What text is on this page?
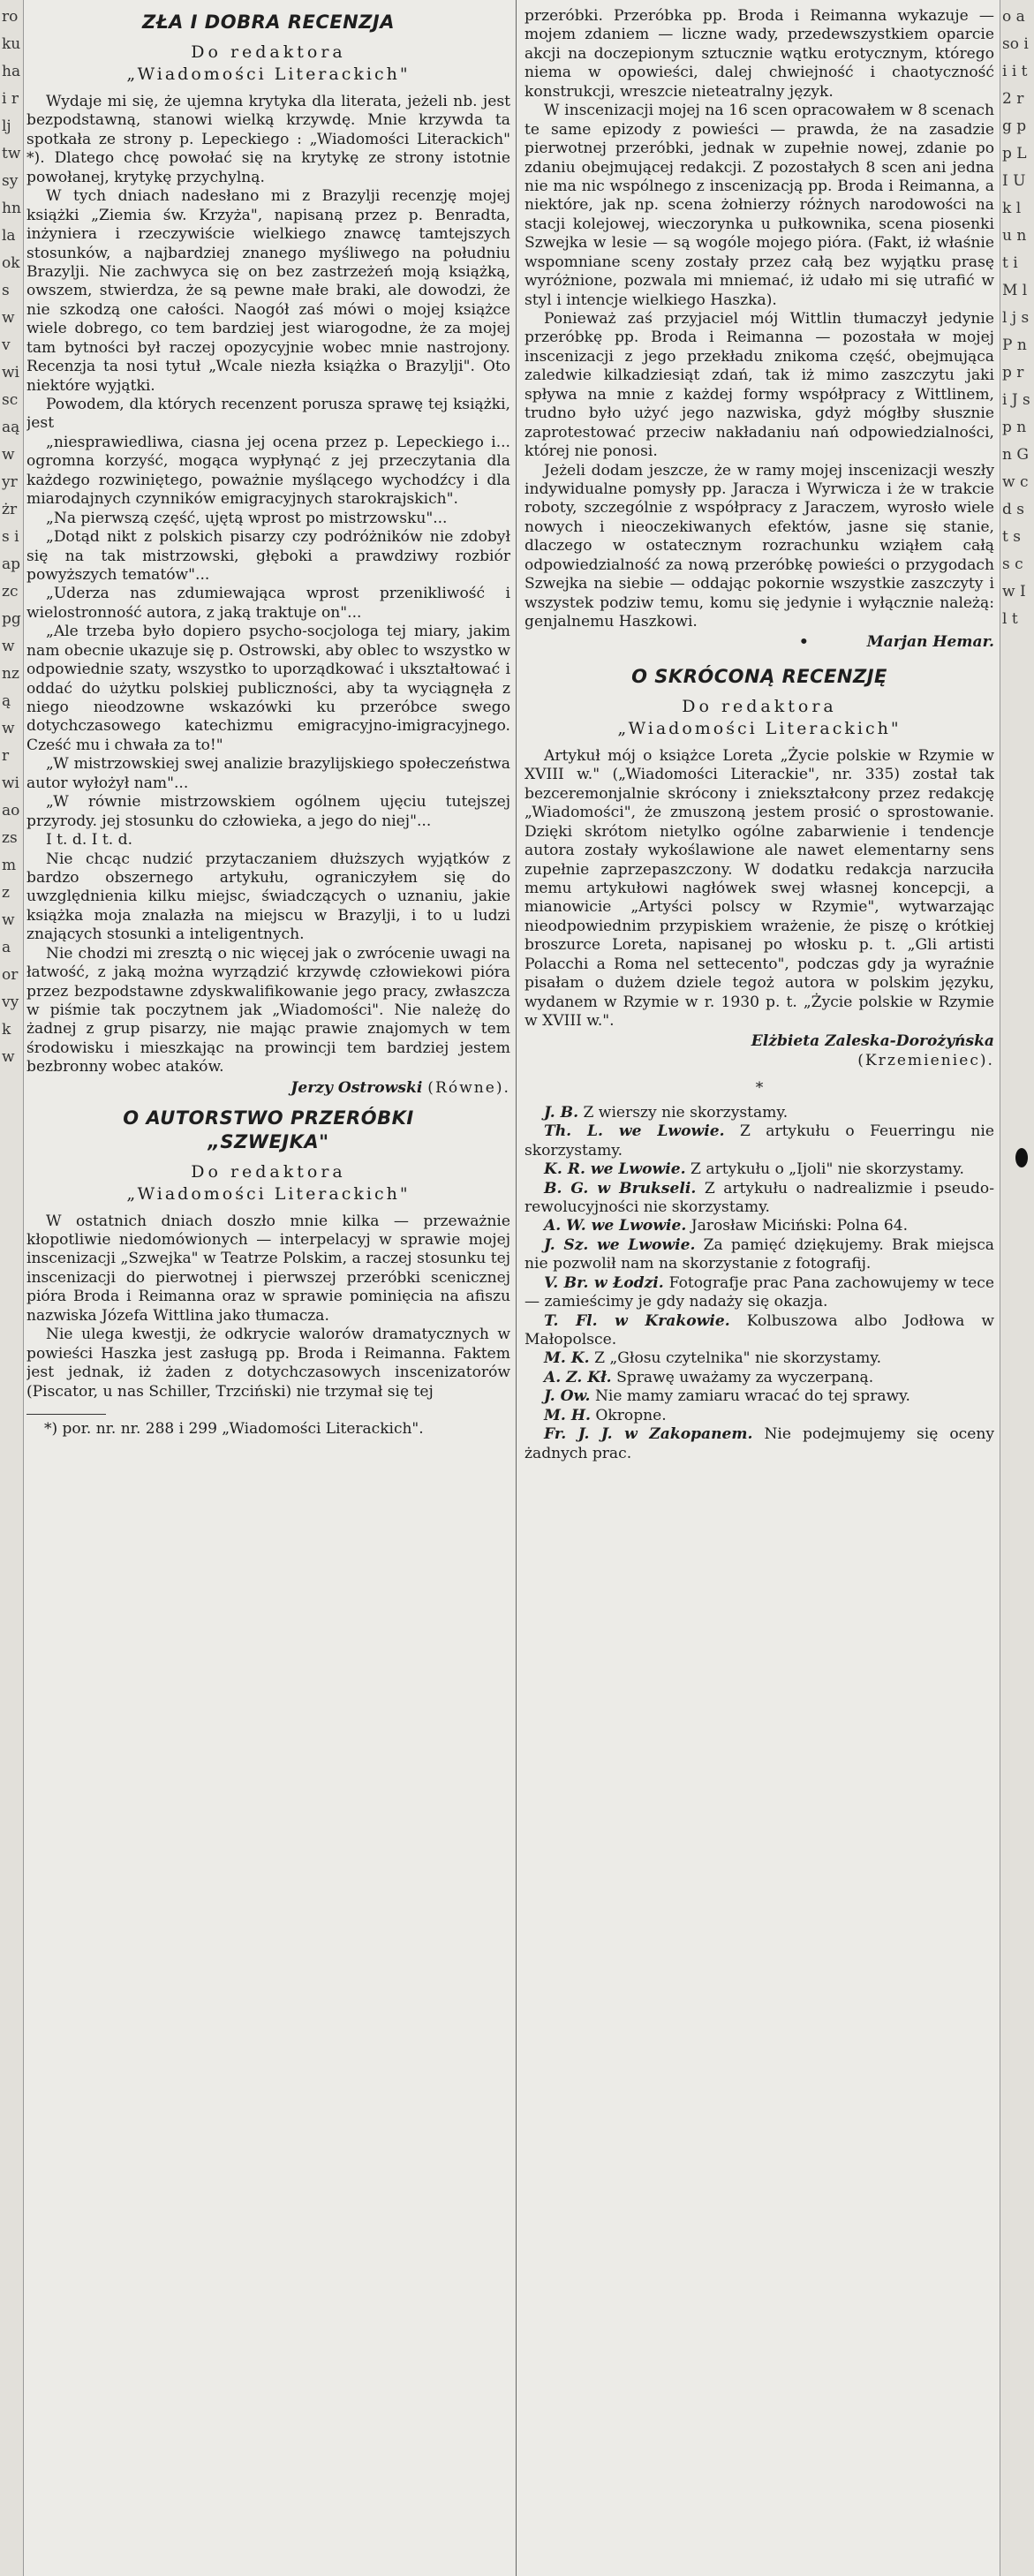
ro kuhai rlj twsyhnlaokswvwiscaąwyrżrs i ap zcpgwnząwrwiaozsmzwa orvyk w
o aso i i i t 2 r g p p L I U k l u n t i M l l j s P n p r i J s p n n G w c d s t s s c w I l t
ZŁA I DOBRA RECENZJA
Do redaktora
„Wiadomości Literackich"

Wydaje mi się, że ujemna krytyka dla literata, jeżeli nb. jest bezpodstawną, stanowi wielką krzywdę. Mnie krzywda ta spotkała ze strony p. Lepeckiego : „Wiadomości Literackich" *). Dlatego chcę powołać się na krytykę ze strony istotnie powołanej, krytykę przychylną.

W tych dniach nadesłano mi z Brazylji recenzję mojej książki „Ziemia św. Krzyża", napisaną przez p. Benradta, inżyniera i rzeczywiście wielkiego znawcę tamtejszych stosunków, a najbardziej znanego myśliwego na południu Brazylji. Nie zachwyca się on bez zastrzeżeń moją książką, owszem, stwierdza, że są pewne małe braki, ale dowodzi, że nie szkodzą one całości. Naogół zaś mówi o mojej książce wiele dobrego, co tem bardziej jest wiarogodne, że za mojej tam bytności był raczej opozycyjnie wobec mnie nastrojony. Recenzja ta nosi tytuł „Wcale niezła książka o Brazylji". Oto niektóre wyjątki.

Powodem, dla których recenzent porusza sprawę tej książki, jest

„niesprawiedliwa, ciasna jej ocena przez p. Lepeckiego i... ogromna korzyść, mogąca wypłynąć z jej przeczytania dla każdego rozwiniętego, poważnie myślącego wychodźcy i dla miarodajnych czynników emigracyjnych starokrajskich".

„Na pierwszą część, ujętą wprost po mistrzowsku"...

„Dotąd nikt z polskich pisarzy czy podróżników nie zdobył się na tak mistrzowski, głęboki a prawdziwy rozbiór powyższych tematów"...

„Uderza nas zdumiewająca wprost przenikliwość i wielostronność autora, z jaką traktuje on"...

„Ale trzeba było dopiero psycho-socjologa tej miary, jakim nam obecnie ukazuje się p. Ostrowski, aby oblec to wszystko w odpowiednie szaty, wszystko to uporządkować i ukształtować i oddać do użytku polskiej publiczności, aby ta wyciągnęła z niego nieodzowne wskazówki ku przeróbce swego dotychczasowego katechizmu emigracyjno-imigracyjnego. Cześć mu i chwała za to!"

„W mistrzowskiej swej analizie brazylijskiego społeczeństwa autor wyłożył nam"...

„W równie mistrzowskiem ogólnem ujęciu tutejszej przyrody. jej stosunku do człowieka, a jego do niej"...

I t. d. I t. d.

Nie chcąc nudzić przytaczaniem dłuższych wyjątków z bardzo obszernego artykułu, ograniczyłem się do uwzględnienia kilku miejsc, świadczących o uznaniu, jakie książka moja znalazła na miejscu w Brazylji, i to u ludzi znających stosunki a inteligentnych.

Nie chodzi mi zresztą o nic więcej jak o zwrócenie uwagi na łatwość, z jaką można wyrządzić krzywdę człowiekowi pióra przez bezpodstawne zdyskwalifikowanie jego pracy, zwłaszcza w piśmie tak poczytnem jak „Wiadomości". Nie należę do żadnej z grup pisarzy, nie mając prawie znajomych w tem środowisku i mieszkając na prowincji tem bardziej jestem bezbronny wobec ataków.

Jerzy Ostrowski (Równe).
O AUTORSTWO PRZERÓBKI
„SZWEJKA"
Do redaktora
„Wiadomości Literackich"

W ostatnich dniach doszło mnie kilka — przeważnie kłopotliwie niedomówionych — interpelacyj w sprawie mojej inscenizacji „Szwejka" w Teatrze Polskim, a raczej stosunku tej inscenizacji do pierwotnej i pierwszej przeróbki scenicznej pióra Broda i Reimanna oraz w sprawie pominięcia na afiszu nazwiska Józefa Wittlina jako tłumacza.

Nie ulega kwestji, że odkrycie walorów dramatycznych w powieści Haszka jest zasługą pp. Broda i Reimanna. Faktem jest jednak, iż żaden z dotychczasowych inscenizatorów (Piscator, u nas Schiller, Trzciński) nie trzymał się tej

*) por. nr. nr. 288 i 299 „Wiadomości Literackich".

przeróbki. Przeróbka pp. Broda i Reimanna wykazuje — mojem zdaniem — liczne wady, przedewszystkiem oparcie akcji na doczepionym sztucznie wątku erotycznym, którego niema w opowieści, dalej chwiejność i chaotyczność konstrukcji, wreszcie nieteatralny język.

W inscenizacji mojej na 16 scen opracowałem w 8 scenach te same epizody z powieści — prawda, że na zasadzie pierwotnej przeróbki, jednak w zupełnie nowej, zdanie po zdaniu obejmującej redakcji. Z pozostałych 8 scen ani jedna nie ma nic wspólnego z inscenizacją pp. Broda i Reimanna, a niektóre, jak np. scena żołnierzy różnych narodowości na stacji kolejowej, wieczorynka u pułkownika, scena piosenki Szwejka w lesie — są wogóle mojego pióra. (Fakt, iż właśnie wspomniane sceny zostały przez całą bez wyjątku prasę wyróżnione, pozwala mi mniemać, iż udało mi się utrafić w styl i intencje wielkiego Haszka).

Ponieważ zaś przyjaciel mój Wittlin tłumaczył jedynie przeróbkę pp. Broda i Reimanna — pozostała w mojej inscenizacji z jego przekładu znikoma część, obejmująca zaledwie kilkadziesiąt zdań, tak iż mimo zaszczytu jaki spływa na mnie z każdej formy współpracy z Wittlinem, trudno było użyć jego nazwiska, gdyż mógłby słusznie zaprotestować przeciw nakładaniu nań odpowiedzialności, której nie ponosi.

Jeżeli dodam jeszcze, że w ramy mojej inscenizacji weszły indywidualne pomysły pp. Jaracza i Wyrwicza i że w trakcie roboty, szczególnie z współpracy z Jaraczem, wyrosło wiele nowych i nieoczekiwanych efektów, jasne się stanie, dlaczego w ostatecznym rozrachunku wziąłem całą odpowiedzialność za nową przeróbkę powieści o przygodach Szwejka na siebie — oddając pokornie wszystkie zaszczyty i wszystek podziw temu, komu się jedynie i wyłącznie należą: genjalnemu Haszkowi.

•	Marjan Hemar.
O SKRÓCONĄ RECENZJĘ
Do redaktora
„Wiadomości Literackich"

Artykuł mój o książce Loreta „Życie polskie w Rzymie w XVIII w." („Wiadomości Literackie", nr. 335) został tak bezceremonjalnie skrócony i zniekształcony przez redakcję „Wiadomości", że zmuszoną jestem prosić o sprostowanie. Dzięki skrótom nietylko ogólne zabarwienie i tendencje autora zostały wykoślawione ale nawet elementarny sens zupełnie zaprzepaszczony. W dodatku redakcja narzuciła memu artykułowi nagłówek swej własnej koncepcji, a mianowicie „Artyści polscy w Rzymie", wytwarzając nieodpowiednim przypiskiem wrażenie, że piszę o krótkiej broszurce Loreta, napisanej po włosku p. t. „Gli artisti Polacchi a Roma nel settecento", podczas gdy ja wyraźnie pisałam o dużem dziele tegoż autora w polskim języku, wydanem w Rzymie w r. 1930 p. t. „Życie polskie w Rzymie w XVIII w.".

Elżbieta Zaleska-Dorożyńska
(Krzemieniec).
*

J. B. Z wierszy nie skorzystamy.

Th. L. we Lwowie. Z artykułu o Feuerringu nie skorzystamy.

K. R. we Lwowie. Z artykułu o „Ijoli" nie skorzystamy.

B. G. w Brukseli. Z artykułu o nadrealizmie i pseudo-rewolucyjności nie skorzystamy.

A. W. we Lwowie. Jarosław Miciński: Polna 64.

J. Sz. we Lwowie. Za pamięć dziękujemy. Brak miejsca nie pozwolił nam na skorzystanie z fotografij.

V. Br. w Łodzi. Fotografje prac Pana zachowujemy w tece — zamieścimy je gdy nadaży się okazja.

T. Fl. w Krakowie. Kolbuszowa albo Jodłowa w Małopolsce.

M. K. Z „Głosu czytelnika" nie skorzystamy.

A. Z. Kł. Sprawę uważamy za wyczerpaną.

J. Ow. Nie mamy zamiaru wracać do tej sprawy.

M. H. Okropne.

Fr. J. J. w Zakopanem. Nie podejmujemy się oceny żadnych prac.
